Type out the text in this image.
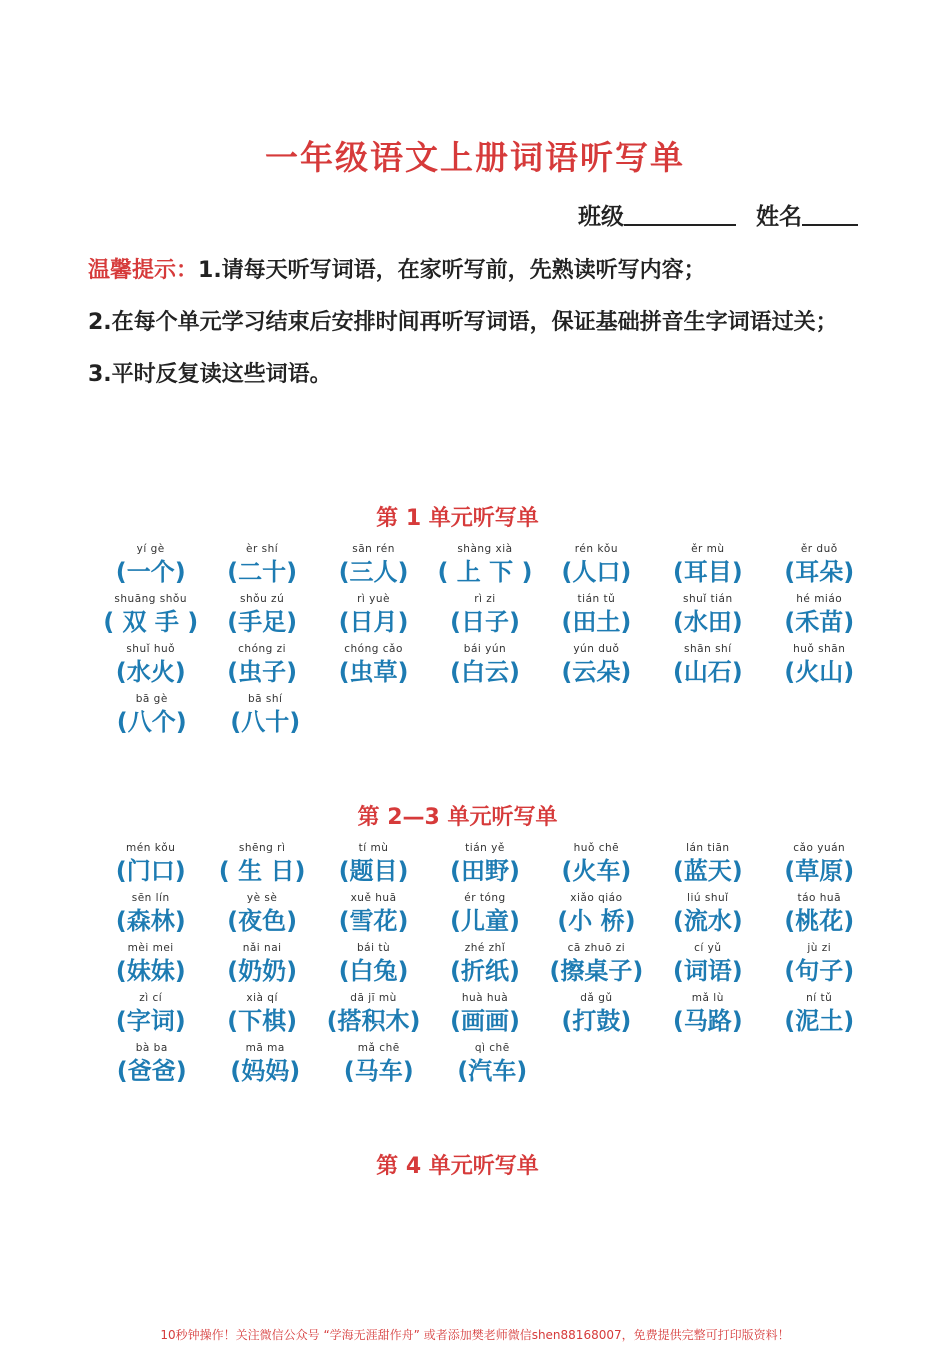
一年级语文上册词语听写单
班级	姓名

温馨提示：1.请每天听写词语，在家听写前，先熟读听写内容；

2.在每个单元学习结束后安排时间再听写词语，保证基础拼音生字词语过关；

3.平时反复读这些词语。

第 1 单元听写单
yí gè
(一个)
èr shí
(二十)
sān rén
(三人)
shàng xià
( 上 下 )
rén kǒu
(人口)
ěr mù
(耳目)
ěr duǒ
(耳朵)
shuāng shǒu
( 双 手 )
shǒu zú
(手足)
rì yuè
(日月)
rì zi
(日子)
tián tǔ
(田土)
shuǐ tián
(水田)
hé miáo
(禾苗)
shuǐ huǒ
(水火)
chóng zi
(虫子)
chóng cǎo
(虫草)
bái yún
(白云)
yún duǒ
(云朵)
shān shí
(山石)
huǒ shān
(火山)
bā gè
(八个)
bā shí
(八十)
第 2—3 单元听写单
mén kǒu
(门口)
shēng rì
( 生 日)
tí mù
(题目)
tián yě
(田野)
huǒ chē
(火车)
lán tiān
(蓝天)
cǎo yuán
(草原)
sēn lín
(森林)
yè sè
(夜色)
xuě huā
(雪花)
ér tóng
(儿童)
xiǎo qiáo
(小 桥)
liú shuǐ
(流水)
táo huā
(桃花)
mèi mei
(妹妹)
nǎi nai
(奶奶)
bái tù
(白兔)
zhé zhǐ
(折纸)
cā zhuō zi
(擦桌子)
cí yǔ
(词语)
jù zi
(句子)
zì cí
(字词)
xià qí
(下棋)
dā jī mù
(搭积木)
huà huà
(画画)
dǎ gǔ
(打鼓)
mǎ lù
(马路)
ní tǔ
(泥土)
bà ba
(爸爸)
mā ma
(妈妈)
mǎ chē
(马车)
qì chē
(汽车)
第 4 单元听写单
10秒钟操作！关注微信公众号 “学海无涯甜作舟” 或者添加樊老师微信shen88168007，免费提供完整可打印版资料！
